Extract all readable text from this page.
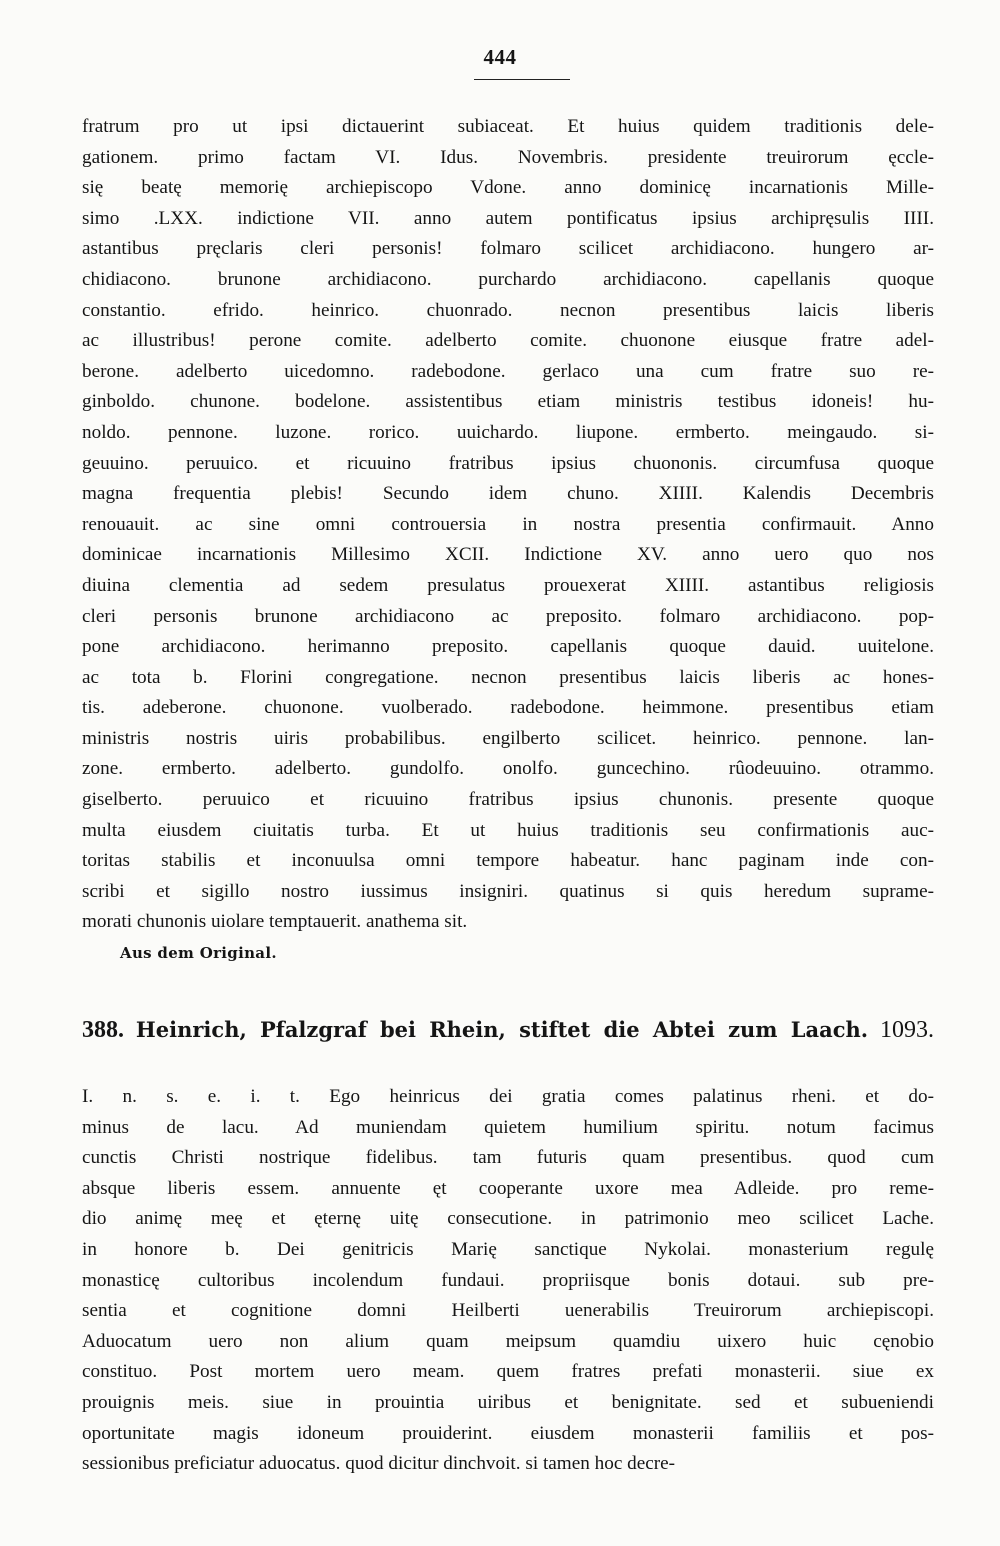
444
fratrum pro ut ipsi dictauerint subiaceat. Et huius quidem traditionis dele-
gationem. primo factam VI. Idus. Novembris. presidente treuirorum ęccle-
się beatę memorię archiepiscopo Vdone. anno dominicę incarnationis Mille-
simo .LXX. indictione VII. anno autem pontificatus ipsius archipręsulis IIII.
astantibus pręclaris cleri personis! folmaro scilicet archidiacono. hungero ar-
chidiacono. brunone archidiacono. purchardo archidiacono. capellanis quoque
constantio. efrido. heinrico. chuonrado. necnon presentibus laicis liberis
ac illustribus! perone comite. adelberto comite. chuonone eiusque fratre adel-
berone. adelberto uicedomno. radebodone. gerlaco una cum fratre suo re-
ginboldo. chunone. bodelone. assistentibus etiam ministris testibus idoneis! hu-
noldo. pennone. luzone. rorico. uuichardo. liupone. ermberto. meingaudo. si-
geuuino. peruuico. et ricuuino fratribus ipsius chuononis. circumfusa quoque
magna frequentia plebis! Secundo idem chuno. XIIII. Kalendis Decembris
renouauit. ac sine omni controuersia in nostra presentia confirmauit. Anno
dominicae incarnationis Millesimo XCII. Indictione XV. anno uero quo nos
diuina clementia ad sedem presulatus prouexerat XIIII. astantibus religiosis
cleri personis brunone archidiacono ac preposito. folmaro archidiacono. pop-
pone archidiacono. herimanno preposito. capellanis quoque dauid. uuitelone.
ac tota b. Florini congregatione. necnon presentibus laicis liberis ac hones-
tis. adeberone. chuonone. vuolberado. radebodone. heimmone. presentibus etiam
ministris nostris uiris probabilibus. engilberto scilicet. heinrico. pennone. lan-
zone. ermberto. adelberto. gundolfo. onolfo. guncechino. rûodeuuino. otrammo.
giselberto. peruuico et ricuuino fratribus ipsius chunonis. presente quoque
multa eiusdem ciuitatis turba. Et ut huius traditionis seu confirmationis auc-
toritas stabilis et inconuulsa omni tempore habeatur. hanc paginam inde con-
scribi et sigillo nostro iussimus insigniri. quatinus si quis heredum suprame-
morati chunonis uiolare temptauerit. anathema sit.
Aus dem Original.
388. Heinrich, Pfalzgraf bei Rhein, stiftet die Abtei zum Laach. 1093.
I. n. s. e. i. t. Ego heinricus dei gratia comes palatinus rheni. et do-
minus de lacu. Ad muniendam quietem humilium spiritu. notum facimus
cunctis Christi nostrique fidelibus. tam futuris quam presentibus. quod cum
absque liberis essem. annuente ęt cooperante uxore mea Adleide. pro reme-
dio animę meę et ęternę uitę consecutione. in patrimonio meo scilicet Lache.
in honore b. Dei genitricis Marię sanctique Nykolai. monasterium regulę
monasticę cultoribus incolendum fundaui. propriisque bonis dotaui. sub pre-
sentia et cognitione domni Heilberti uenerabilis Treuirorum archiepiscopi.
Aduocatum uero non alium quam meipsum quamdiu uixero huic cęnobio
constituo. Post mortem uero meam. quem fratres prefati monasterii. siue ex
prouignis meis. siue in prouintia uiribus et benignitate. sed et subueniendi
oportunitate magis idoneum prouiderint. eiusdem monasterii familiis et pos-
sessionibus preficiatur aduocatus. quod dicitur dinchvoit. si tamen hoc decre-
